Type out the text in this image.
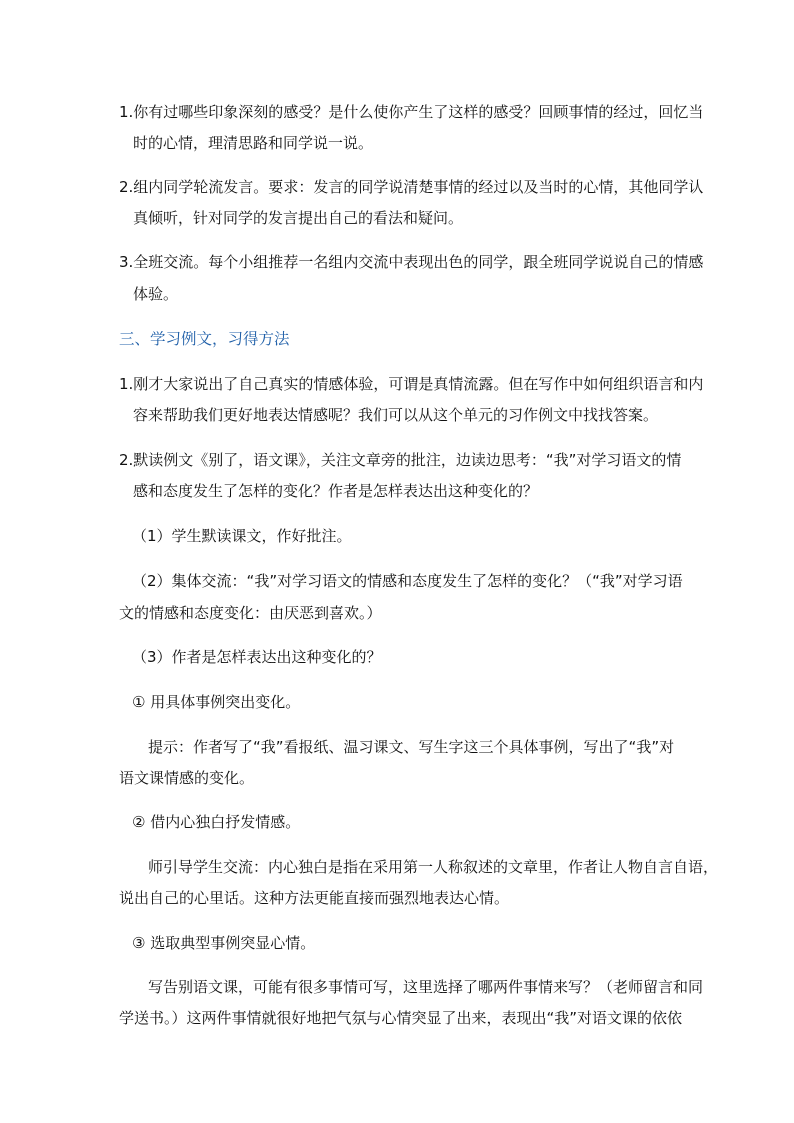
1.你有过哪些印象深刻的感受？是什么使你产生了这样的感受？回顾事情的经过，回忆当
时的心情，理清思路和同学说一说。
2.组内同学轮流发言。要求：发言的同学说清楚事情的经过以及当时的心情，其他同学认
真倾听，针对同学的发言提出自己的看法和疑问。
3.全班交流。每个小组推荐一名组内交流中表现出色的同学，跟全班同学说说自己的情感
体验。
三、学习例文，习得方法
1.刚才大家说出了自己真实的情感体验，可谓是真情流露。但在写作中如何组织语言和内
容来帮助我们更好地表达情感呢？我们可以从这个单元的习作例文中找找答案。
2.默读例文《别了，语文课》，关注文章旁的批注，边读边思考：“我”对学习语文的情
感和态度发生了怎样的变化？作者是怎样表达出这种变化的？
（1）学生默读课文，作好批注。
（2）集体交流：“我”对学习语文的情感和态度发生了怎样的变化？（“我”对学习语
文的情感和态度变化：由厌恶到喜欢。）
（3）作者是怎样表达出这种变化的？
① 用具体事例突出变化。
提示：作者写了“我”看报纸、温习课文、写生字这三个具体事例，写出了“我”对
语文课情感的变化。
② 借内心独白抒发情感。
师引导学生交流：内心独白是指在采用第一人称叙述的文章里，作者让人物自言自语，
说出自己的心里话。这种方法更能直接而强烈地表达心情。
③ 选取典型事例突显心情。
写告别语文课，可能有很多事情可写，这里选择了哪两件事情来写？（老师留言和同
学送书。）这两件事情就很好地把气氛与心情突显了出来，表现出“我”对语文课的依依
